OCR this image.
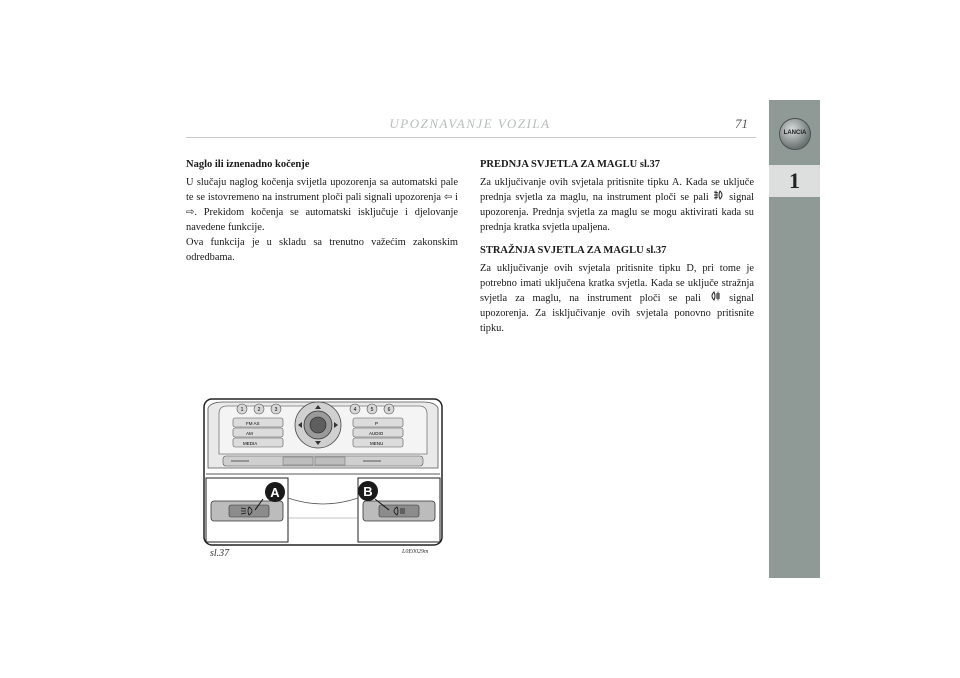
UPOZNAVANJE VOZILA	71
LANCIA
1
Naglo ili iznenadno kočenje

U slučaju naglog kočenja svijetla upozorenja sa automatski pale te se istovremeno na instrument ploči pali signali upozorenja ⇦ i ⇨. Prekidom kočenja se automatski isključuje i djelovanje navedene funkcije.

Ova funkcija je u skladu sa trenutno važećim zakonskim odredbama.

PREDNJA SVJETLA ZA MAGLU sl.37

Za uključivanje ovih svjetala pritisnite tipku A. Kada se uključe prednja svjetla za maglu, na instrument ploči se pali signal upozorenja. Prednja svjetla za maglu se mogu aktivirati kada su prednja kratka svjetla upaljena.

STRAŽNJA SVJETLA ZA MAGLU sl.37

Za uključivanje ovih svjetala pritisnite tipku D, pri tome je potrebno imati uključena kratka svjetla. Kada se uključe stražnja svjetla za maglu, na instrument ploči se pali	signal upozorenja. Za isključivanje ovih svjetala ponovno pritisnite tipku.

1	2	3	4	5	6
FM AS
AM
MEDIA
P
AUDIO
MENU
A	B
sl.37	L0E0029m
